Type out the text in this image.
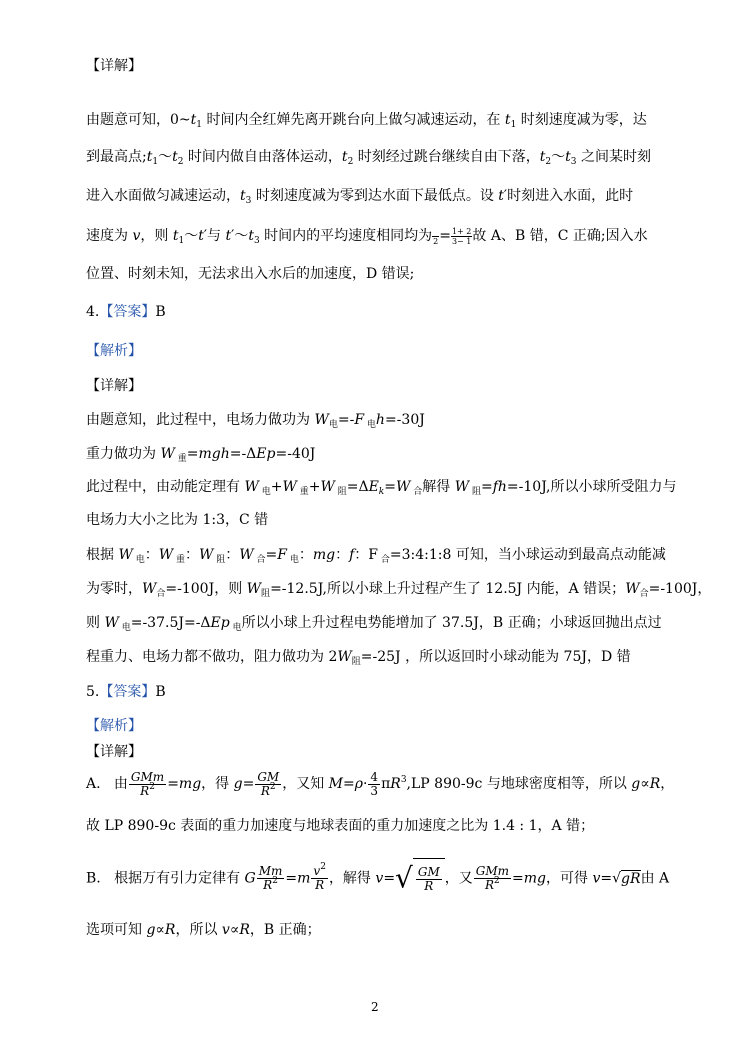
【详解】
由题意可知，$0\sim t_1$ 时间内全红婵先离开跳台向上做匀减速运动，在 $t_1$ 时刻速度减为零，达
到最高点$;t_1\sim t_2$ 时间内做自由落体运动，$t_2$ 时刻经过跳台继续自由下落，$t_2\sim t_3$ 之间某时刻
进入水面做匀减速运动，$t_3$ 时刻速度减为零到达水面下最低点。设 t′时刻进入水面，此时
速度为 v，则 $t_1\sim t'$与 $t'\sim t_3$ 时间内的平均速度相同均为
$2 = \frac{1+ 2}{3- 1}$ 故 A、B 错，C 正确;因入水
位置、时刻未知，无法求出入水后的加速度，D 错误;
4.【答案】B
【解析】
【详解】
由题意知，此过程中，电场力做功为 $W_电=-F$ $_电$h=-30J
重力做功为 W $_重$=mgh=-ΔEp=-40J
此过程中，由动能定理有 W $_电$+W $_重$+W $_阻=\Delta E_k=W$ $_合$解得 W $_阻$=fh=-10J,所以小球所受阻力与
电场力大小之比为 1:3，C 错
根据 W $_电$：W $_重$：W $_阻$：W $_合$=F $_电$：mg：f：F $_合$=3:4:1:8 可知，当小球运动到最高点动能减
为零时，$W_合=-100J$，则 $W_阻=-12.5J$,所以小球上升过程产生了 12.5J 内能，A 错误；$W_合=-100J$，
则 W $_电$=-37.5J=-ΔEp $_电$所以小球上升过程电势能增加了 37.5J，B 正确；小球返回抛出点过
程重力、电场力都不做功，阻力做功为 $2W_阻=-25J$ ，所以返回时小球动能为 75J，D 错
5.【答案】B
【解析】
【详解】
A.   由 $\frac{\text{GMm}}{R^2} =mg$，得 $g= \frac{GM}{R^2}$ ，又知 $M=\rho\cdot \frac{4}{3} \pi R^3,LP$ 890-9c 与地球密度相等，所以 g∝R，
故 LP 890-9c 表面的重力加速度与地球表面的重力加速度之比为 1.4 : 1，A 错；
B.   根据万有引力定律有 G $\frac{Mm}{R^2} =m \frac{v^2}{R}$ ，解得 $v=√ \frac{GM}{R}$ ，又 $\frac{\text{GMm}}{R^2} =mg$，可得 v=√gR由 A
选项可知 g∝R，所以 v∝R，B 正确；
2
